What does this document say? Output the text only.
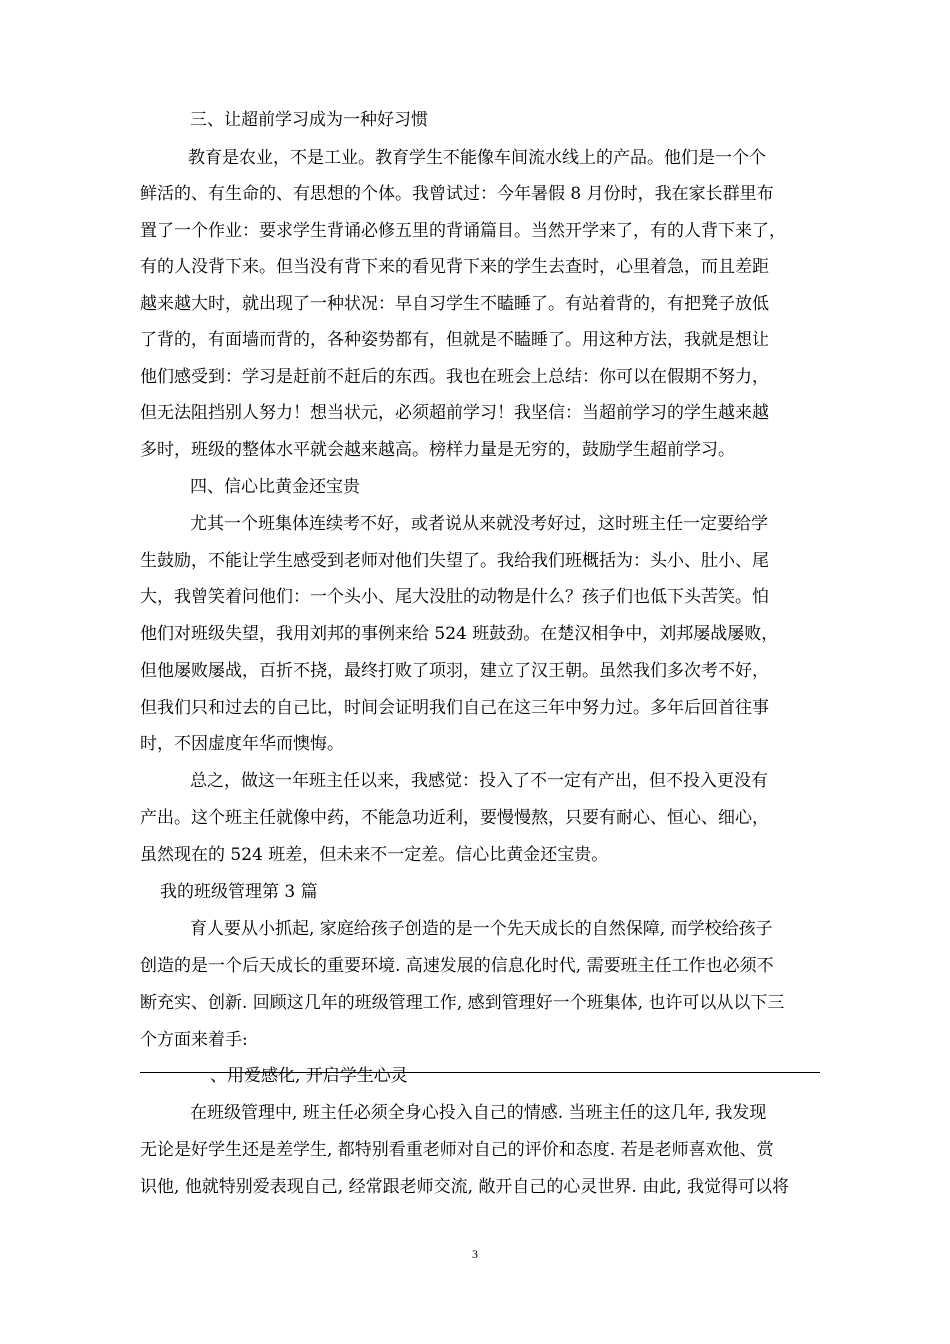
三、让超前学习成为一种好习惯
教育是农业，不是工业。教育学生不能像车间流水线上的产品。他们是一个个
鲜活的、有生命的、有思想的个体。我曾试过：今年暑假 8 月份时，我在家长群里布
置了一个作业：要求学生背诵必修五里的背诵篇目。当然开学来了，有的人背下来了，
有的人没背下来。但当没有背下来的看见背下来的学生去查时，心里着急，而且差距
越来越大时，就出现了一种状况：早自习学生不瞌睡了。有站着背的，有把凳子放低
了背的，有面墙而背的，各种姿势都有，但就是不瞌睡了。用这种方法，我就是想让
他们感受到：学习是赶前不赶后的东西。我也在班会上总结：你可以在假期不努力，
但无法阻挡别人努力！想当状元，必须超前学习！我坚信：当超前学习的学生越来越
多时，班级的整体水平就会越来越高。榜样力量是无穷的，鼓励学生超前学习。
四、信心比黄金还宝贵
尤其一个班集体连续考不好，或者说从来就没考好过，这时班主任一定要给学
生鼓励，不能让学生感受到老师对他们失望了。我给我们班概括为：头小、肚小、尾
大，我曾笑着问他们：一个头小、尾大没肚的动物是什么？孩子们也低下头苦笑。怕
他们对班级失望，我用刘邦的事例来给 524 班鼓劲。在楚汉相争中，刘邦屡战屡败，
但他屡败屡战，百折不挠，最终打败了项羽，建立了汉王朝。虽然我们多次考不好，
但我们只和过去的自己比，时间会证明我们自己在这三年中努力过。多年后回首往事
时，不因虚度年华而懊悔。
总之，做这一年班主任以来，我感觉：投入了不一定有产出，但不投入更没有
产出。这个班主任就像中药，不能急功近利，要慢慢熬，只要有耐心、恒心、细心，
虽然现在的 524 班差，但未来不一定差。信心比黄金还宝贵。
我的班级管理第 3 篇
育人要从小抓起, 家庭给孩子创造的是一个先天成长的自然保障, 而学校给孩子
创造的是一个后天成长的重要环境. 高速发展的信息化时代, 需要班主任工作也必须不
断充实、创新. 回顾这几年的班级管理工作, 感到管理好一个班集体, 也许可以从以下三
个方面来着手:
、用爱感化, 开启学生心灵
在班级管理中, 班主任必须全身心投入自己的情感. 当班主任的这几年, 我发现
无论是好学生还是差学生, 都特别看重老师对自己的评价和态度. 若是老师喜欢他、赏
识他, 他就特别爱表现自己, 经常跟老师交流, 敞开自己的心灵世界. 由此, 我觉得可以将
3
